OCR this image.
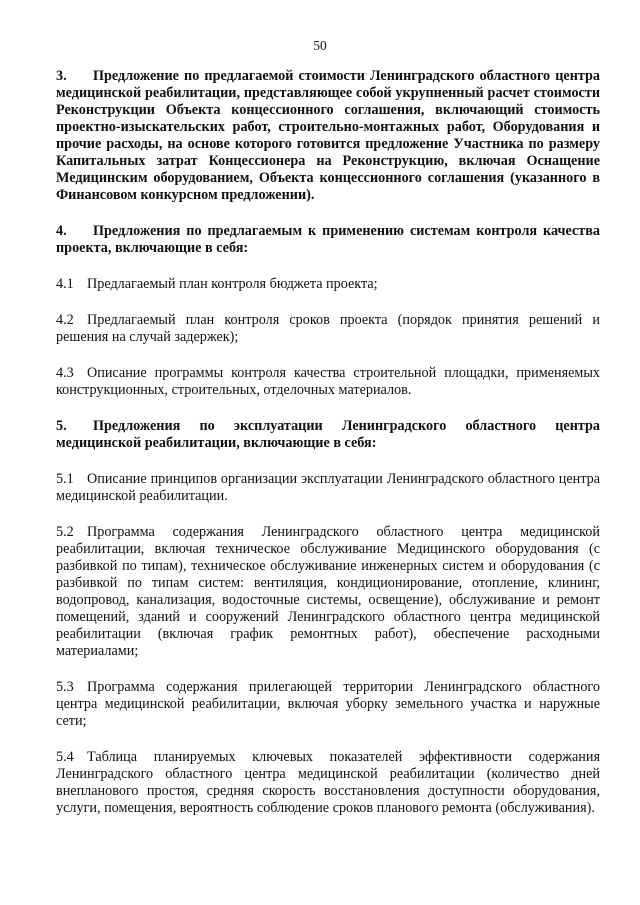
50

3. Предложение по предлагаемой стоимости Ленинградского областного центра медицинской реабилитации, представляющее собой укрупненный расчет стоимости Реконструкции Объекта концессионного соглашения, включающий стоимость проектно-изыскательских работ, строительно-монтажных работ, Оборудования и прочие расходы, на основе которого готовится предложение Участника по размеру Капитальных затрат Концессионера на Реконструкцию, включая Оснащение Медицинским оборудованием, Объекта концессионного соглашения (указанного в Финансовом конкурсном предложении).

4. Предложения по предлагаемым к применению системам контроля качества проекта, включающие в себя:

4.1 Предлагаемый план контроля бюджета проекта;

4.2 Предлагаемый план контроля сроков проекта (порядок принятия решений и решения на случай задержек);

4.3 Описание программы контроля качества строительной площадки, применяемых конструкционных, строительных, отделочных материалов.

5. Предложения по эксплуатации Ленинградского областного центра медицинской реабилитации, включающие в себя:

5.1 Описание принципов организации эксплуатации Ленинградского областного центра медицинской реабилитации.

5.2 Программа содержания Ленинградского областного центра медицинской реабилитации, включая техническое обслуживание Медицинского оборудования (с разбивкой по типам), техническое обслуживание инженерных систем и оборудования (с разбивкой по типам систем: вентиляция, кондиционирование, отопление, клининг, водопровод, канализация, водосточные системы, освещение), обслуживание и ремонт помещений, зданий и сооружений Ленинградского областного центра медицинской реабилитации (включая график ремонтных работ), обеспечение расходными материалами;

5.3 Программа содержания прилегающей территории Ленинградского областного центра медицинской реабилитации, включая уборку земельного участка и наружные сети;

5.4 Таблица планируемых ключевых показателей эффективности содержания Ленинградского областного центра медицинской реабилитации (количество дней внепланового простоя, средняя скорость восстановления доступности оборудования, услуги, помещения, вероятность соблюдение сроков планового ремонта (обслуживания).
